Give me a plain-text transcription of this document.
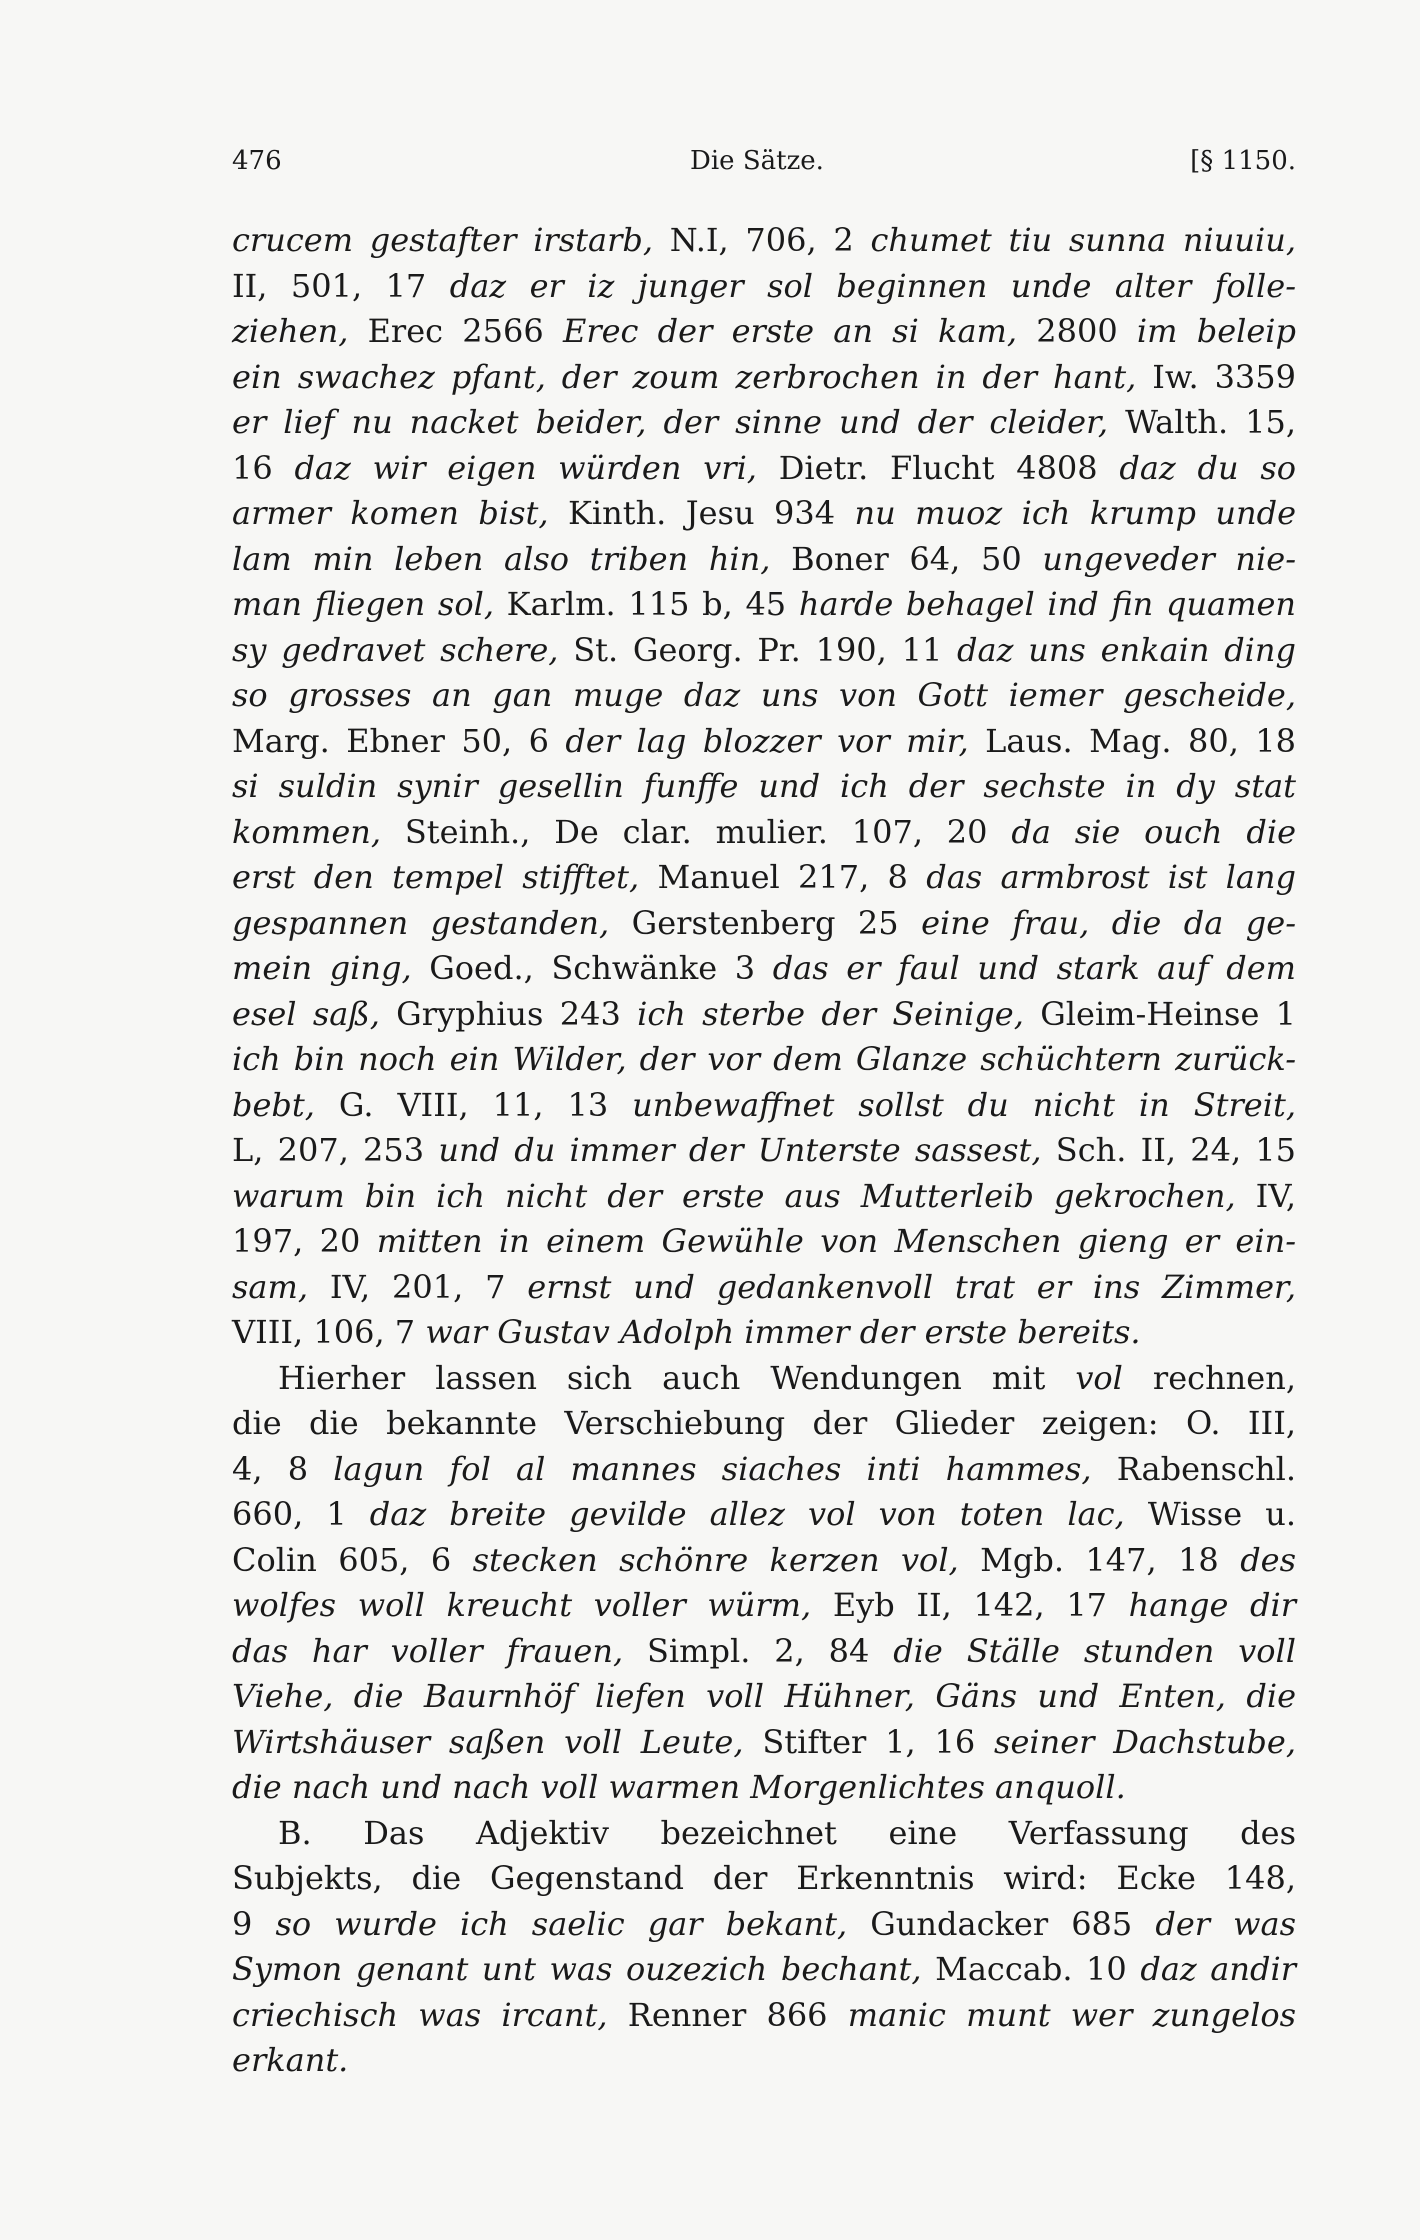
476	Die Sätze.	[§ 1150.
crucem gestafter irstarb, N.I, 706, 2 chumet tiu sunna niuuiu,
II, 501, 17 daz er iz junger sol beginnen unde alter folle-
ziehen, Erec 2566 Erec der erste an si kam, 2800 im beleip
ein swachez pfant, der zoum zerbrochen in der hant, Iw. 3359
er lief nu nacket beider, der sinne und der cleider, Walth. 15,
16 daz wir eigen würden vri, Dietr. Flucht 4808 daz du so
armer komen bist, Kinth. Jesu 934 nu muoz ich krump unde
lam min leben also triben hin, Boner 64, 50 ungeveder nie-
man fliegen sol, Karlm. 115 b, 45 harde behagel ind fin quamen
sy gedravet schere, St. Georg. Pr. 190, 11 daz uns enkain ding
so grosses an gan muge daz uns von Gott iemer gescheide,
Marg. Ebner 50, 6 der lag blozzer vor mir, Laus. Mag. 80, 18
si suldin synir gesellin funffe und ich der sechste in dy stat
kommen, Steinh., De clar. mulier. 107, 20 da sie ouch die
erst den tempel stifftet, Manuel 217, 8 das armbrost ist lang
gespannen gestanden, Gerstenberg 25 eine frau, die da ge-
mein ging, Goed., Schwänke 3 das er faul und stark auf dem
esel saß, Gryphius 243 ich sterbe der Seinige, Gleim-Heinse 1
ich bin noch ein Wilder, der vor dem Glanze schüchtern zurück-
bebt, G. VIII, 11, 13 unbewaffnet sollst du nicht in Streit,
L, 207, 253 und du immer der Unterste sassest, Sch. II, 24, 15
warum bin ich nicht der erste aus Mutterleib gekrochen, IV,
197, 20 mitten in einem Gewühle von Menschen gieng er ein-
sam, IV, 201, 7 ernst und gedankenvoll trat er ins Zimmer,
VIII, 106, 7 war Gustav Adolph immer der erste bereits.
Hierher lassen sich auch Wendungen mit vol rechnen,
die die bekannte Verschiebung der Glieder zeigen: O. III,
4, 8 lagun fol al mannes siaches inti hammes, Rabenschl.
660, 1 daz breite gevilde allez vol von toten lac, Wisse u.
Colin 605, 6 stecken schönre kerzen vol, Mgb. 147, 18 des
wolfes woll kreucht voller würm, Eyb II, 142, 17 hange dir
das har voller frauen, Simpl. 2, 84 die Ställe stunden voll
Viehe, die Baurnhöf liefen voll Hühner, Gäns und Enten, die
Wirtshäuser saßen voll Leute, Stifter 1, 16 seiner Dachstube,
die nach und nach voll warmen Morgenlichtes anquoll.
B. Das Adjektiv bezeichnet eine Verfassung des
Subjekts, die Gegenstand der Erkenntnis wird: Ecke 148,
9 so wurde ich saelic gar bekant, Gundacker 685 der was
Symon genant unt was ouzezich bechant, Maccab. 10 daz andir
criechisch was ircant, Renner 866 manic munt wer zungelos
erkant.
